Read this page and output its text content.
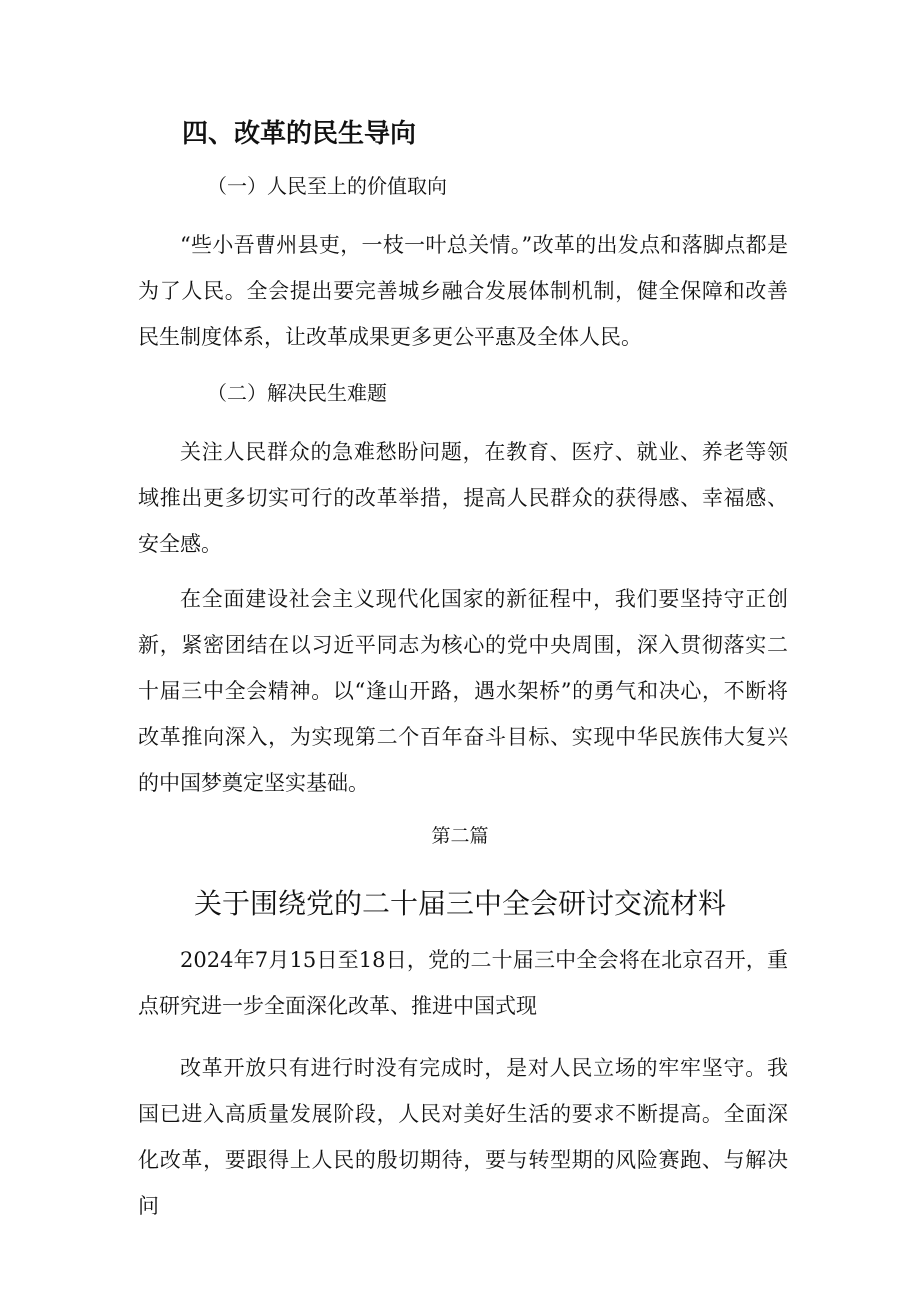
四、改革的民生导向
（一）人民至上的价值取向

“些小吾曹州县吏，一枝一叶总关情。”改革的出发点和落脚点都是为了人民。全会提出要完善城乡融合发展体制机制，健全保障和改善民生制度体系，让改革成果更多更公平惠及全体人民。

（二）解决民生难题

关注人民群众的急难愁盼问题，在教育、医疗、就业、养老等领域推出更多切实可行的改革举措，提高人民群众的获得感、幸福感、安全感。

在全面建设社会主义现代化国家的新征程中，我们要坚持守正创新，紧密团结在以习近平同志为核心的党中央周围，深入贯彻落实二十届三中全会精神。以“逢山开路，遇水架桥”的勇气和决心，不断将改革推向深入，为实现第二个百年奋斗目标、实现中华民族伟大复兴的中国梦奠定坚实基础。

第二篇
关于围绕党的二十届三中全会研讨交流材料

2024年7月15日至18日，党的二十届三中全会将在北京召开，重点研究进一步全面深化改革、推进中国式现

改革开放只有进行时没有完成时，是对人民立场的牢牢坚守。我国已进入高质量发展阶段，人民对美好生活的要求不断提高。全面深化改革，要跟得上人民的殷切期待，要与转型期的风险赛跑、与解决问
